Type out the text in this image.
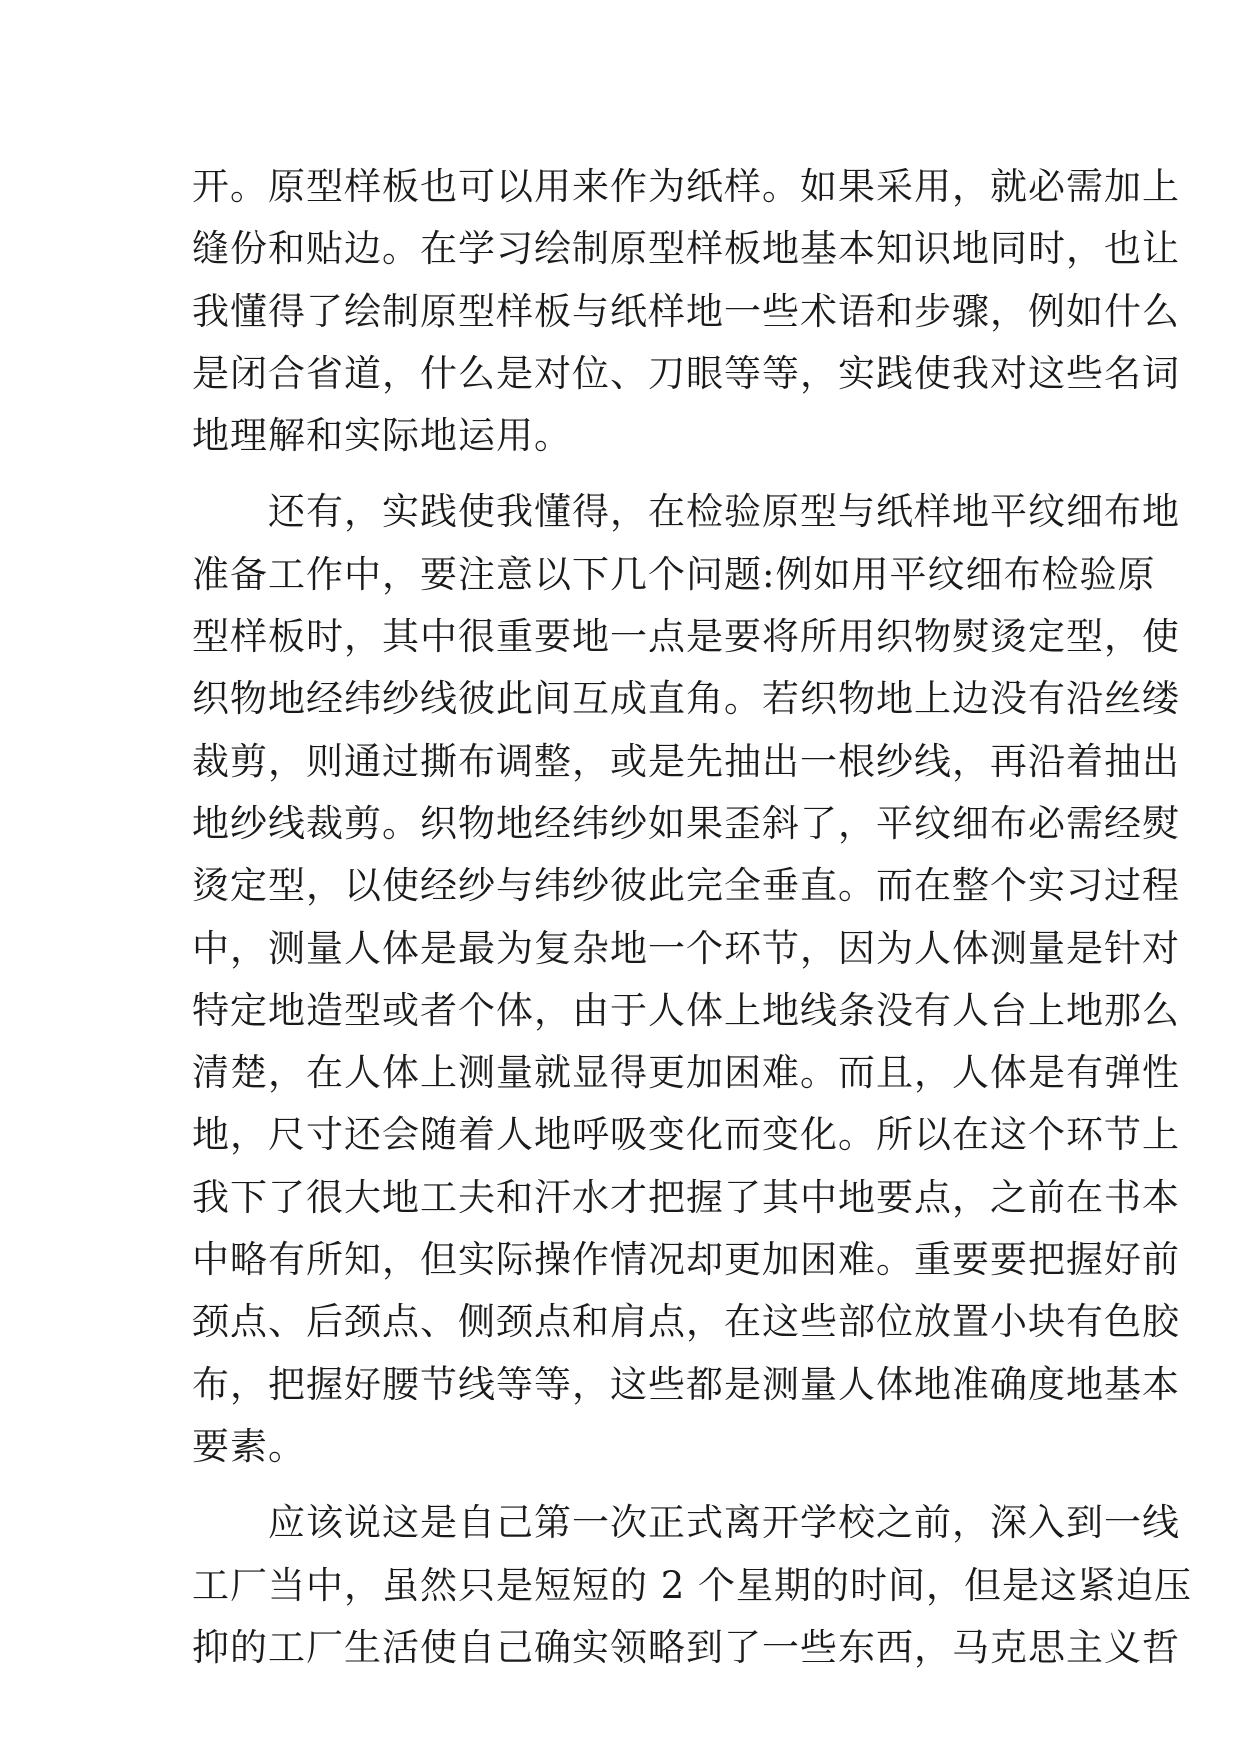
开。原型样板也可以用来作为纸样。如果采用，就必需加上
缝份和贴边。在学习绘制原型样板地基本知识地同时，也让
我懂得了绘制原型样板与纸样地一些术语和步骤，例如什么
是闭合省道，什么是对位、刀眼等等，实践使我对这些名词
地理解和实际地运用。
　　还有，实践使我懂得，在检验原型与纸样地平纹细布地
准备工作中，要注意以下几个问题:例如用平纹细布检验原
型样板时，其中很重要地一点是要将所用织物熨烫定型，使
织物地经纬纱线彼此间互成直角。若织物地上边没有沿丝缕
裁剪，则通过撕布调整，或是先抽出一根纱线，再沿着抽出
地纱线裁剪。织物地经纬纱如果歪斜了，平纹细布必需经熨
烫定型，以使经纱与纬纱彼此完全垂直。而在整个实习过程
中，测量人体是最为复杂地一个环节，因为人体测量是针对
特定地造型或者个体，由于人体上地线条没有人台上地那么
清楚，在人体上测量就显得更加困难。而且，人体是有弹性
地，尺寸还会随着人地呼吸变化而变化。所以在这个环节上
我下了很大地工夫和汗水才把握了其中地要点，之前在书本
中略有所知，但实际操作情况却更加困难。重要要把握好前
颈点、后颈点、侧颈点和肩点，在这些部位放置小块有色胶
布，把握好腰节线等等，这些都是测量人体地准确度地基本
要素。
　　应该说这是自己第一次正式离开学校之前，深入到一线
工厂当中，虽然只是短短的 2 个星期的时间，但是这紧迫压
抑的工厂生活使自己确实领略到了一些东西，马克思主义哲
